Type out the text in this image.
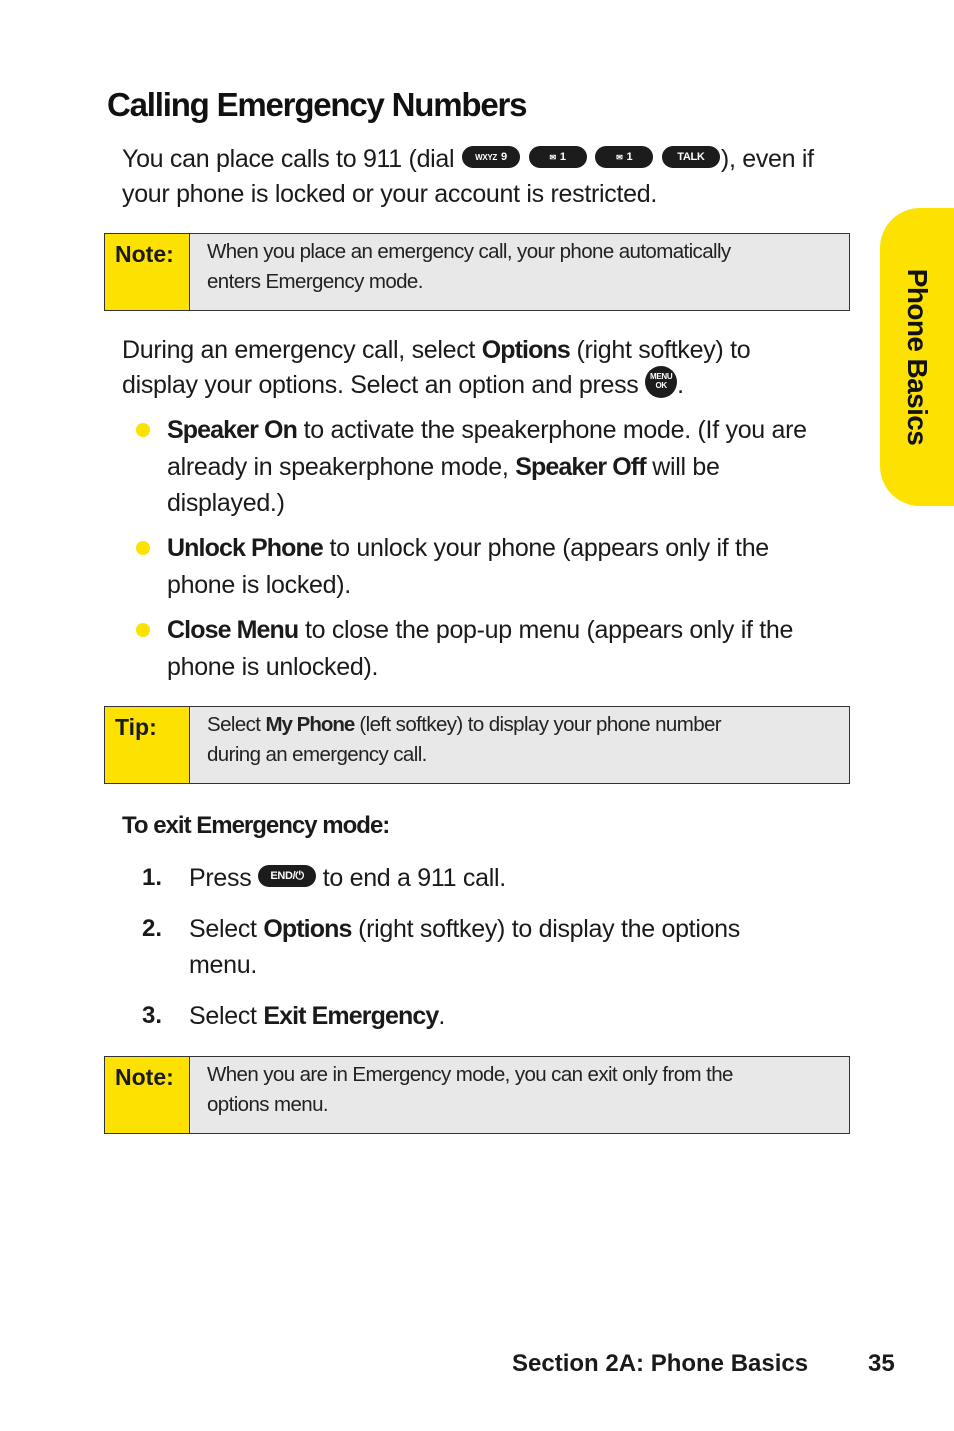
Calling Emergency Numbers
You can place calls to 911 (dial WXYZ 9	✉ 1	✉ 1	TALK ), even if
your phone is locked or your account is restricted.
Note:	When you place an emergency call, your phone automatically
enters Emergency mode.
During an emergency call, select Options (right softkey) to
display your options. Select an option and press MENU
OK .
Speaker On to activate the speakerphone mode. (If you are
already in speakerphone mode, Speaker Off will be
displayed.)
Unlock Phone to unlock your phone (appears only if the
phone is locked).
Close Menu to close the pop-up menu (appears only if the
phone is unlocked).
Tip:	Select My Phone (left softkey) to display your phone number
during an emergency call.
To exit Emergency mode:
1. Press END/⏻ to end a 911 call.
2. Select Options (right softkey) to display the options
menu.
3. Select Exit Emergency.
Note:	When you are in Emergency mode, you can exit only from the
options menu.
Phone Basics
Section 2A: Phone Basics 35
